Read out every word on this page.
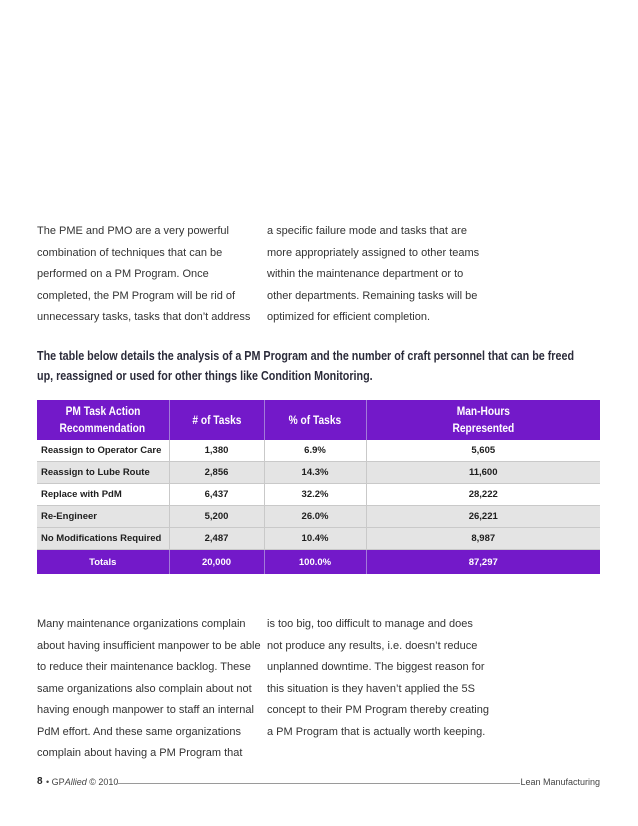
The PME and PMO are a very powerful
combination of techniques that can be
performed on a PM Program. Once
completed, the PM Program will be rid of
unnecessary tasks, tasks that don’t address
a specific failure mode and tasks that are
more appropriately assigned to other teams
within the maintenance department or to
other departments. Remaining tasks will be
optimized for efficient completion.
The table below details the analysis of a PM Program and the number of craft personnel that can be freed
up, reassigned or used for other things like Condition Monitoring.
PM Task Action
Recommendation	# of Tasks	% of Tasks	Man-Hours
Represented
Reassign to Operator Care	1,380	6.9%	5,605
Reassign to Lube Route	2,856	14.3%	11,600
Replace with PdM	6,437	32.2%	28,222
Re-Engineer	5,200	26.0%	26,221
No Modifications Required	2,487	10.4%	8,987
Totals	20,000	100.0%	87,297
Many maintenance organizations complain
about having insufficient manpower to be able
to reduce their maintenance backlog. These
same organizations also complain about not
having enough manpower to staff an internal
PdM effort. And these same organizations
complain about having a PM Program that
is too big, too difficult to manage and does
not produce any results, i.e. doesn’t reduce
unplanned downtime. The biggest reason for
this situation is they haven’t applied the 5S
concept to their PM Program thereby creating
a PM Program that is actually worth keeping.
8 • GPAllied © 2010	Lean Manufacturing
